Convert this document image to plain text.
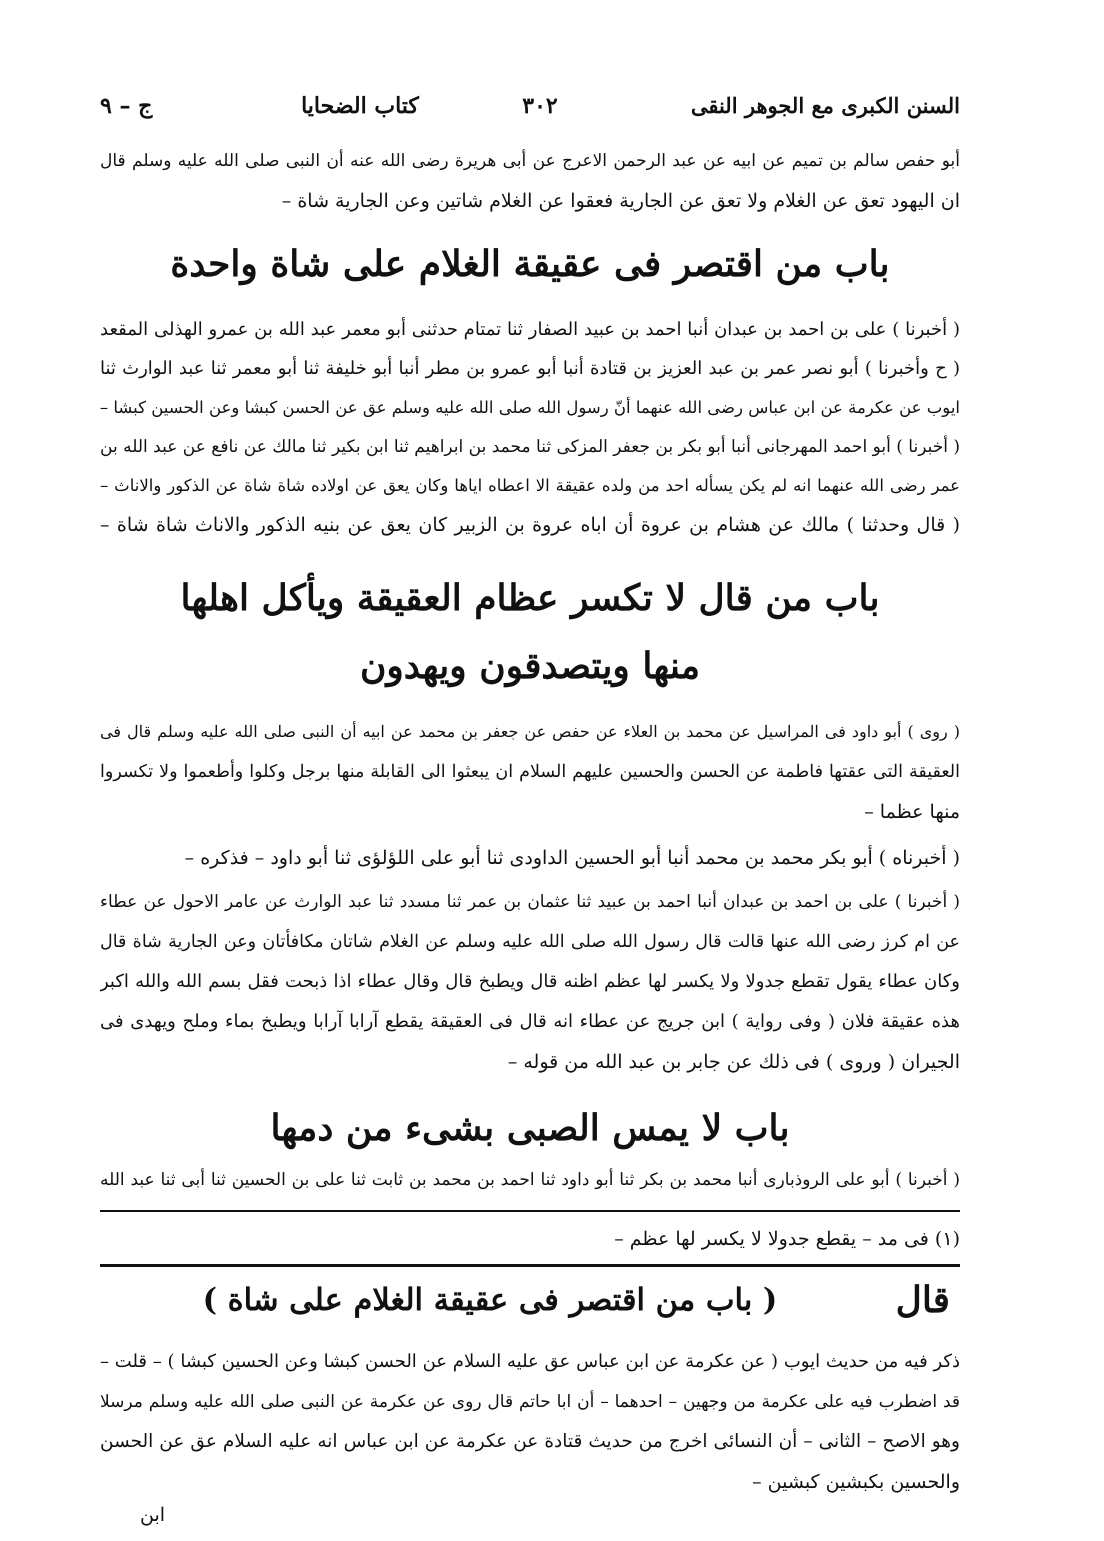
السنن الكبرى مع الجوهر النقى
٣٠٢
كتاب الضحايا
ج – ٩
أبو حفص سالم بن تميم عن ابيه عن عبد الرحمن الاعرج عن أبى هريرة رضى الله عنه أن النبى صلى الله عليه وسلم قال
ان اليهود تعق عن الغلام ولا تعق عن الجارية فعقوا عن الغلام شاتين وعن الجارية شاة –
باب من اقتصر فى عقيقة الغلام على شاة واحدة
( أخبرنا ) على بن احمد بن عبدان أنبا احمد بن عبيد الصفار ثنا تمتام حدثنى أبو معمر عبد الله بن عمرو الهذلى المقعد
( ح وأخبرنا ) أبو نصر عمر بن عبد العزيز بن قتادة أنبا أبو عمرو بن مطر أنبا أبو خليفة ثنا أبو معمر ثنا عبد الوارث ثنا
ايوب عن عكرمة عن ابن عباس رضى الله عنهما أنّ رسول الله صلى الله عليه وسلم عق عن الحسن كبشا وعن الحسين كبشا –
( أخبرنا ) أبو احمد المهرجانى أنبا أبو بكر بن جعفر المزكى ثنا محمد بن ابراهيم ثنا ابن بكير ثنا مالك عن نافع عن عبد الله بن
عمر رضى الله عنهما انه لم يكن يسأله احد من ولده عقيقة الا اعطاه اياها وكان يعق عن اولاده شاة شاة عن الذكور والاناث –
( قال وحدثنا ) مالك عن هشام بن عروة أن اباه عروة بن الزبير كان يعق عن بنيه الذكور والاناث شاة شاة –
باب من قال لا تكسر عظام العقيقة ويأكل اهلها
منها ويتصدقون ويهدون
( روى ) أبو داود فى المراسيل عن محمد بن العلاء عن حفص عن جعفر بن محمد عن ابيه أن النبى صلى الله عليه وسلم قال فى
العقيقة التى عقتها فاطمة عن الحسن والحسين عليهم السلام ان يبعثوا الى القابلة منها برجل وكلوا وأطعموا ولا تكسروا
منها عظما –
( أخبرناه ) أبو بكر محمد بن محمد أنبا أبو الحسين الداودى ثنا أبو على اللؤلؤى ثنا أبو داود – فذكره –
( أخبرنا ) على بن احمد بن عبدان أنبا احمد بن عبيد ثنا عثمان بن عمر ثنا مسدد ثنا عبد الوارث عن عامر الاحول عن عطاء
عن ام كرز رضى الله عنها قالت قال رسول الله صلى الله عليه وسلم عن الغلام شاتان مكافأتان وعن الجارية شاة قال
وكان عطاء يقول تقطع جدولا ولا يكسر لها عظم اظنه قال ويطبخ قال وقال عطاء اذا ذبحت فقل بسم الله والله اكبر
هذه عقيقة فلان ( وفى رواية ) ابن جريج عن عطاء انه قال فى العقيقة يقطع آرابا آرابا ويطبخ بماء وملح ويهدى فى
الجيران ( وروى ) فى ذلك عن جابر بن عبد الله من قوله –
باب لا يمس الصبى بشىء من دمها
( أخبرنا ) أبو على الروذبارى أنبا محمد بن بكر ثنا أبو داود ثنا احمد بن محمد بن ثابت ثنا على بن الحسين ثنا أبى ثنا عبد الله
(١) فى مد – يقطع جدولا لا يكسر لها عظم –
قال
( باب من اقتصر فى عقيقة الغلام على شاة )
ذكر فيه من حديث ايوب ( عن عكرمة عن ابن عباس عق عليه السلام عن الحسن كبشا وعن الحسين كبشا ) – قلت –
قد اضطرب فيه على عكرمة من وجهين – احدهما – أن ابا حاتم قال روى عن عكرمة عن النبى صلى الله عليه وسلم مرسلا
وهو الاصح – الثانى – أن النسائى اخرج من حديث قتادة عن عكرمة عن ابن عباس انه عليه السلام عق عن الحسن
والحسين بكبشين كبشين –
ابن
